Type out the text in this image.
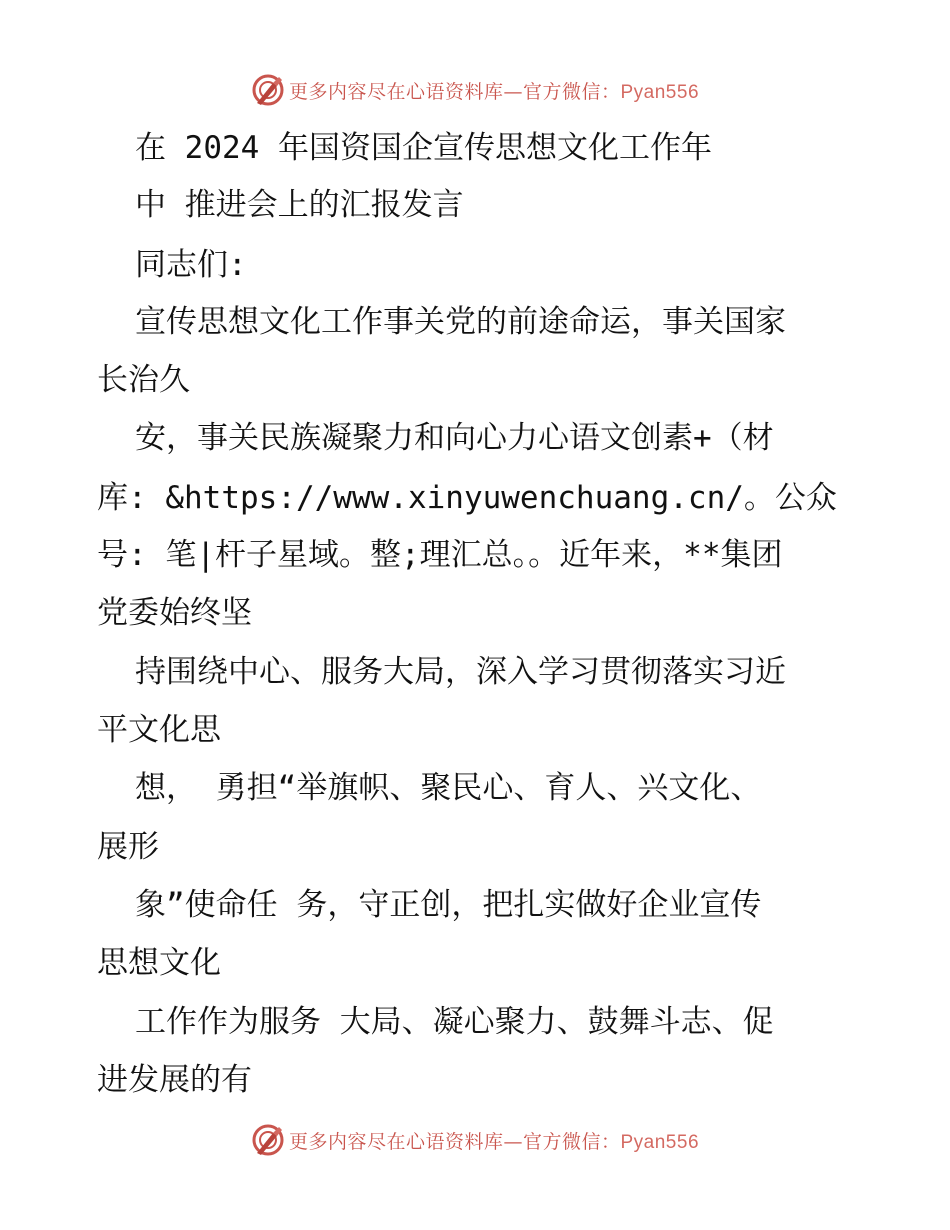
更多内容尽在心语资料库—官方微信：Pyan556
在 2024 年国资国企宣传思想文化工作年
中 推进会上的汇报发言
同志们:
宣传思想文化工作事关党的前途命运，事关国家
长治久
安，事关民族凝聚力和向心力心语文创素+（材
库: &https://www.xinyuwenchuang.cn/。公众
号: 笔|杆子星域。整;理汇总。。近年来，**集团
党委始终坚
持围绕中心、服务大局，深入学习贯彻落实习近
平文化思
想， 勇担“举旗帜、聚民心、育人、兴文化、
展形
象”使命任 务，守正创，把扎实做好企业宣传
思想文化
工作作为服务 大局、凝心聚力、鼓舞斗志、促
进发展的有
更多内容尽在心语资料库—官方微信：Pyan556
